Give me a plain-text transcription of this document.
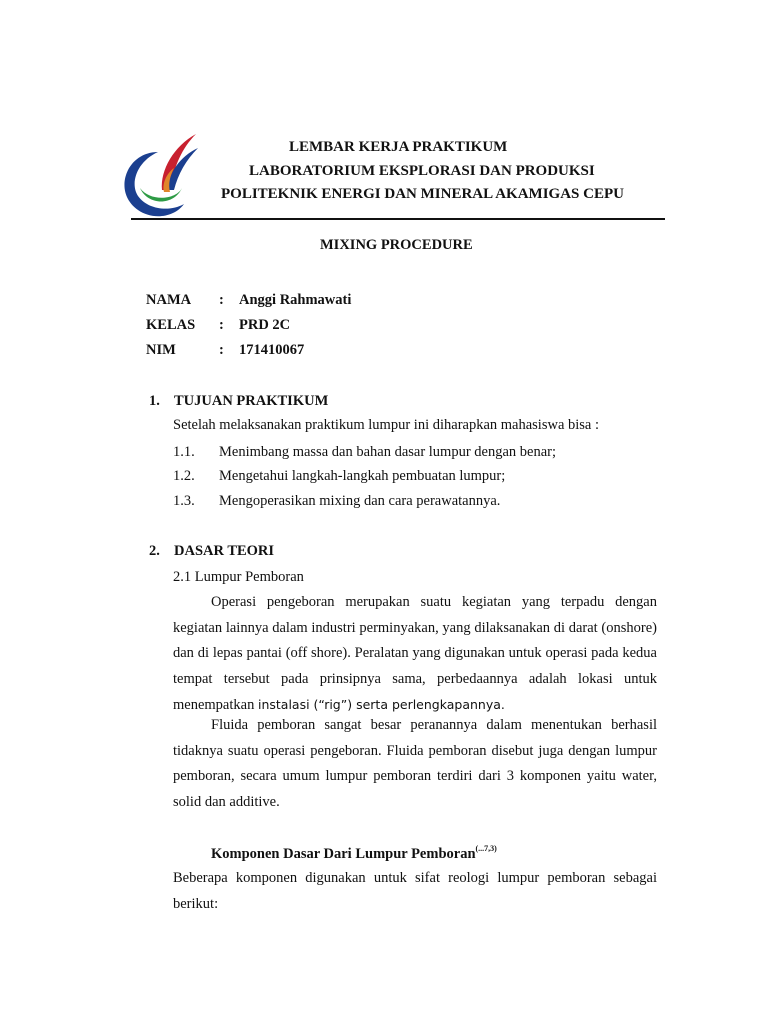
LEMBAR KERJA PRAKTIKUM
LABORATORIUM EKSPLORASI DAN PRODUKSI
POLITEKNIK ENERGI DAN MINERAL AKAMIGAS CEPU
MIXING PROCEDURE
NAMA : Anggi Rahmawati
KELAS : PRD 2C
NIM	: 171410067
1. TUJUAN PRAKTIKUM
Setelah melaksanakan praktikum lumpur ini diharapkan mahasiswa bisa :
1.1. Menimbang massa dan bahan dasar lumpur dengan benar;
1.2. Mengetahui langkah-langkah pembuatan lumpur;
1.3. Mengoperasikan mixing dan cara perawatannya.
2. DASAR TEORI
2.1 Lumpur Pemboran
Operasi pengeboran merupakan suatu kegiatan yang terpadu dengan kegiatan lainnya dalam industri perminyakan, yang dilaksanakan di darat (onshore) dan di lepas pantai (off shore). Peralatan yang digunakan untuk operasi pada kedua tempat tersebut pada prinsipnya sama, perbedaannya adalah lokasi untuk menempatkan instalasi (“rig”) serta perlengkapannya.
Fluida pemboran sangat besar peranannya dalam menentukan berhasil tidaknya suatu operasi pengeboran. Fluida pemboran disebut juga dengan lumpur pemboran, secara umum lumpur pemboran terdiri dari 3 komponen yaitu water, solid dan additive.
Komponen Dasar Dari Lumpur Pemboran$^{(...7,3)}$
Beberapa komponen digunakan untuk sifat reologi lumpur pemboran sebagai berikut:
